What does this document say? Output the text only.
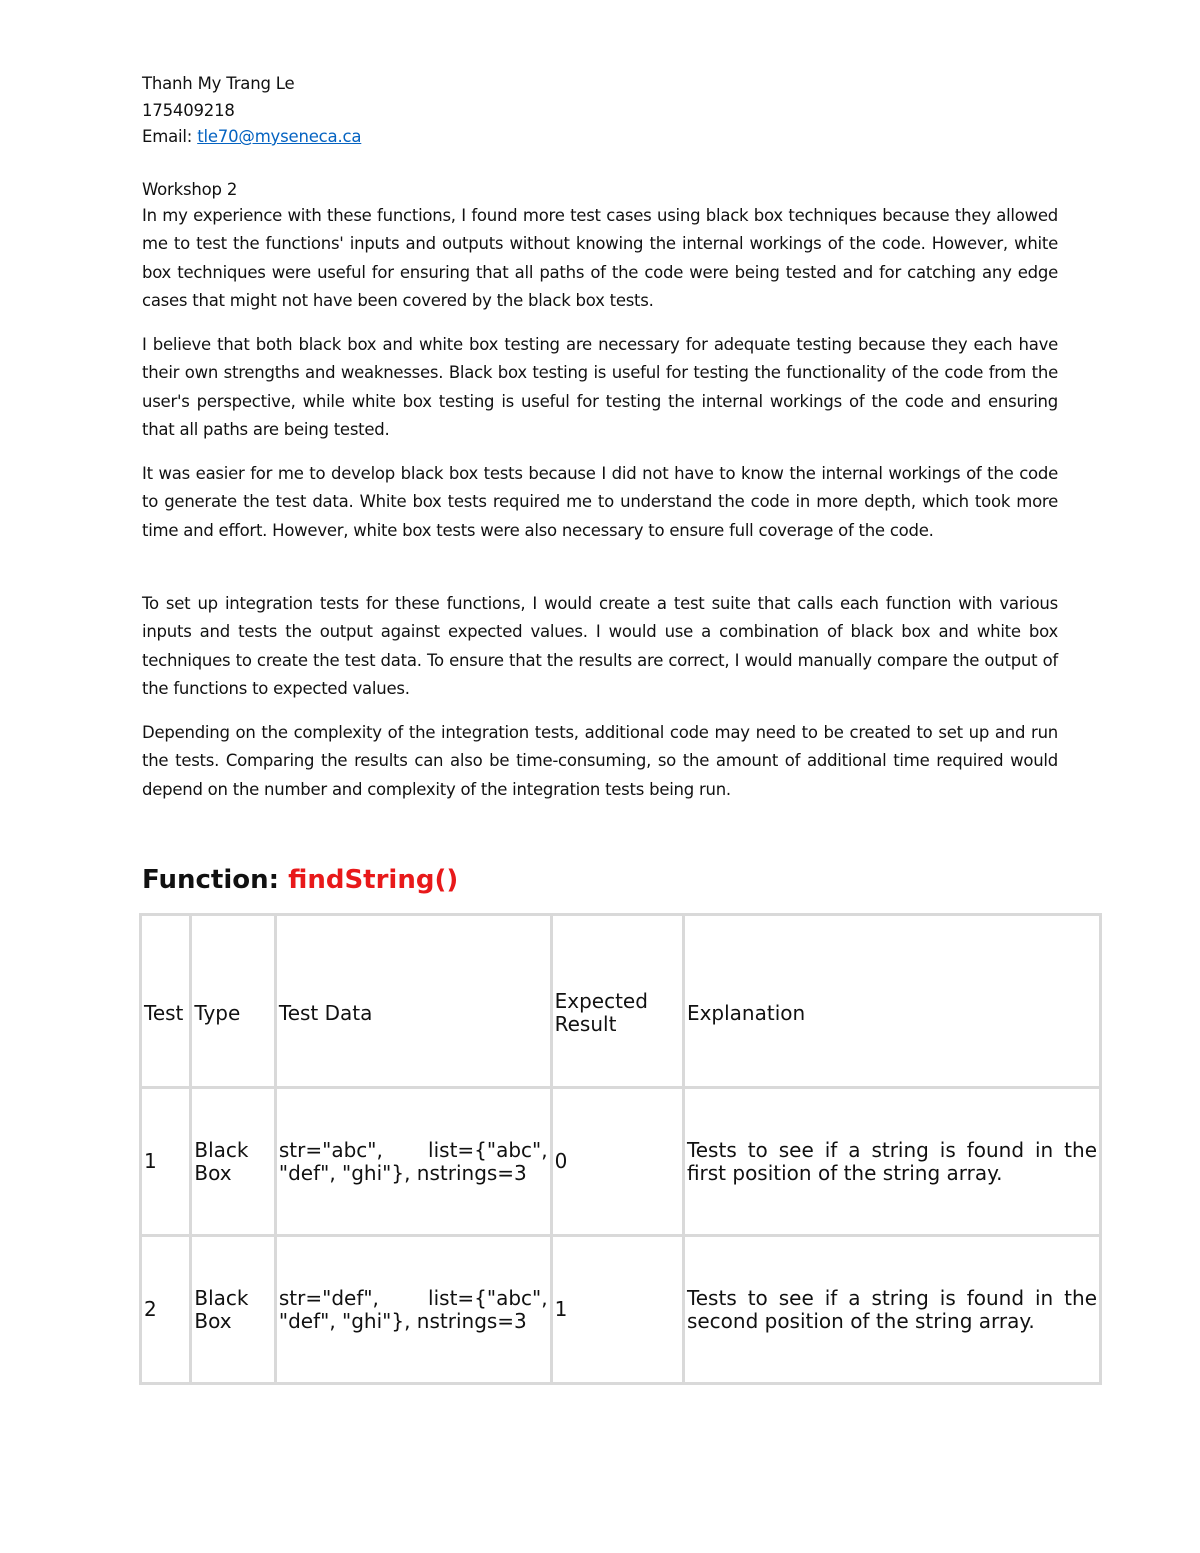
Thanh My Trang Le
175409218
Email: tle70@myseneca.ca
Workshop 2

In my experience with these functions, I found more test cases using black box techniques because they allowed me to test the functions' inputs and outputs without knowing the internal workings of the code. However, white box techniques were useful for ensuring that all paths of the code were being tested and for catching any edge cases that might not have been covered by the black box tests.

I believe that both black box and white box testing are necessary for adequate testing because they each have their own strengths and weaknesses. Black box testing is useful for testing the functionality of the code from the user's perspective, while white box testing is useful for testing the internal workings of the code and ensuring that all paths are being tested.

It was easier for me to develop black box tests because I did not have to know the internal workings of the code to generate the test data. White box tests required me to understand the code in more depth, which took more time and effort. However, white box tests were also necessary to ensure full coverage of the code.

To set up integration tests for these functions, I would create a test suite that calls each function with various inputs and tests the output against expected values. I would use a combination of black box and white box techniques to create the test data. To ensure that the results are correct, I would manually compare the output of the functions to expected values.

Depending on the complexity of the integration tests, additional code may need to be created to set up and run the tests. Comparing the results can also be time-consuming, so the amount of additional time required would depend on the number and complexity of the integration tests being run.

Function: findString()
Test	Type	Test Data	Expected Result	Explanation
1	Black Box	str="abc", list={"abc", "def", "ghi"}, nstrings=3	0	Tests to see if a string is found in the first position of the string array.
2	Black Box	str="def", list={"abc", "def", "ghi"}, nstrings=3	1	Tests to see if a string is found in the second position of the string array.
